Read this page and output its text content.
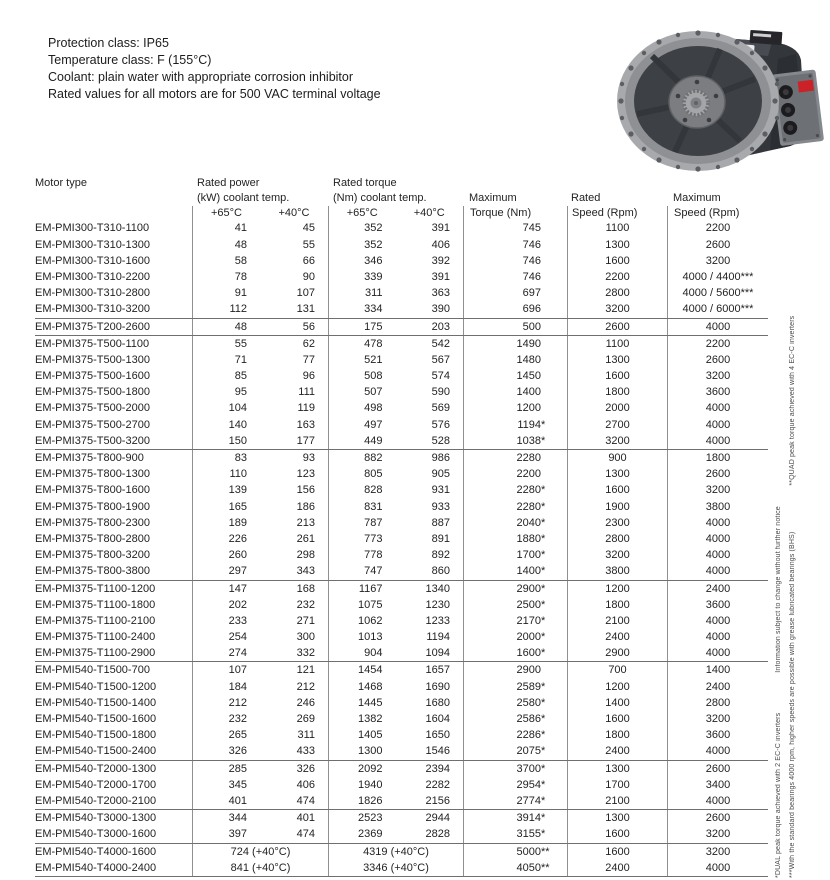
Protection class: IP65
Temperature class: F (155°C)
Coolant: plain water with appropriate corrosion inhibitor
Rated values for all motors are for 500 VAC terminal voltage
Motor type	Rated power	Rated torque
(kW) coolant temp.	(Nm) coolant temp.	Maximum	Rated	Maximum
+65°C	+40°C	+65°C	+40°C	Torque (Nm)	Speed (Rpm)	Speed (Rpm)
EM-PMI300-T310-1100	41	45	352	391	745	1100	2200
EM-PMI300-T310-1300	48	55	352	406	746	1300	2600
EM-PMI300-T310-1600	58	66	346	392	746	1600	3200
EM-PMI300-T310-2200	78	90	339	391	746	2200	4000 / 4400***
EM-PMI300-T310-2800	91	107	311	363	697	2800	4000 / 5600***
EM-PMI300-T310-3200	112	131	334	390	696	3200	4000 / 6000***
EM-PMI375-T200-2600	48	56	175	203	500	2600	4000
EM-PMI375-T500-1100	55	62	478	542	1490	1100	2200
EM-PMI375-T500-1300	71	77	521	567	1480	1300	2600
EM-PMI375-T500-1600	85	96	508	574	1450	1600	3200
EM-PMI375-T500-1800	95	111	507	590	1400	1800	3600
EM-PMI375-T500-2000	104	119	498	569	1200	2000	4000
EM-PMI375-T500-2700	140	163	497	576	1194*	2700	4000
EM-PMI375-T500-3200	150	177	449	528	1038*	3200	4000
EM-PMI375-T800-900	83	93	882	986	2280	900	1800
EM-PMI375-T800-1300	110	123	805	905	2200	1300	2600
EM-PMI375-T800-1600	139	156	828	931	2280*	1600	3200
EM-PMI375-T800-1900	165	186	831	933	2280*	1900	3800
EM-PMI375-T800-2300	189	213	787	887	2040*	2300	4000
EM-PMI375-T800-2800	226	261	773	891	1880*	2800	4000
EM-PMI375-T800-3200	260	298	778	892	1700*	3200	4000
EM-PMI375-T800-3800	297	343	747	860	1400*	3800	4000
EM-PMI375-T1100-1200	147	168	1167	1340	2900*	1200	2400
EM-PMI375-T1100-1800	202	232	1075	1230	2500*	1800	3600
EM-PMI375-T1100-2100	233	271	1062	1233	2170*	2100	4000
EM-PMI375-T1100-2400	254	300	1013	1194	2000*	2400	4000
EM-PMI375-T1100-2900	274	332	904	1094	1600*	2900	4000
EM-PMI540-T1500-700	107	121	1454	1657	2900	700	1400
EM-PMI540-T1500-1200	184	212	1468	1690	2589*	1200	2400
EM-PMI540-T1500-1400	212	246	1445	1680	2580*	1400	2800
EM-PMI540-T1500-1600	232	269	1382	1604	2586*	1600	3200
EM-PMI540-T1500-1800	265	311	1405	1650	2286*	1800	3600
EM-PMI540-T1500-2400	326	433	1300	1546	2075*	2400	4000
EM-PMI540-T2000-1300	285	326	2092	2394	3700*	1300	2600
EM-PMI540-T2000-1700	345	406	1940	2282	2954*	1700	3400
EM-PMI540-T2000-2100	401	474	1826	2156	2774*	2100	4000
EM-PMI540-T3000-1300	344	401	2523	2944	3914*	1300	2600
EM-PMI540-T3000-1600	397	474	2369	2828	3155*	1600	3200
EM-PMI540-T4000-1600	724 (+40°C)	4319 (+40°C)	5000**	1600	3200
EM-PMI540-T4000-2400	841 (+40°C)	3346 (+40°C)	4050**	2400	4000	*DUAL peak torque achieved with 2 EC-C invertersInformation subject to change without further notice ***With the standard bearings 4000 rpm, higher speeds are possible with grease lubricated bearings (BHS)**QUAD peak torque achieved with 4 EC-C inverters
